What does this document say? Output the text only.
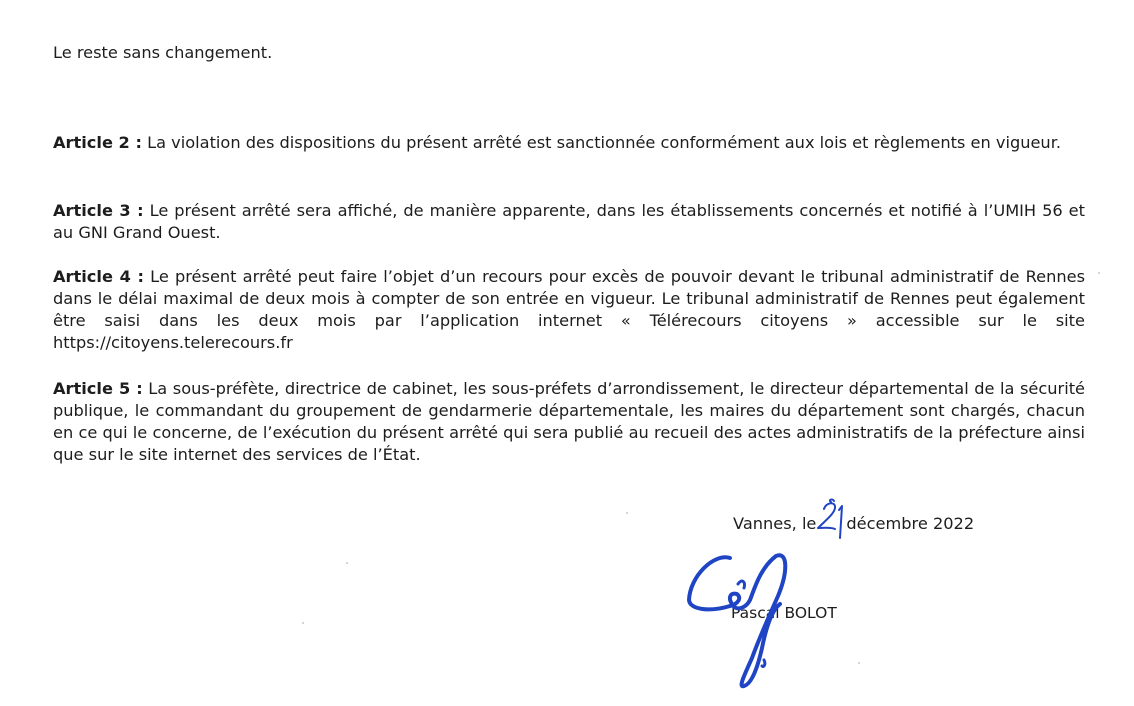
Le reste sans changement.

Article 2 : La violation des dispositions du présent arrêté est sanctionnée conformément aux lois et règlements en vigueur.

Article 3 : Le présent arrêté sera affiché, de manière apparente, dans les établissements concernés et notifié à l’UMIH 56 et au GNI Grand Ouest.

Article 4 : Le présent arrêté peut faire l’objet d’un recours pour excès de pouvoir devant le tribunal administratif de Rennes dans le délai maximal de deux mois à compter de son entrée en vigueur. Le tribunal administratif de Rennes peut également être saisi dans les deux mois par l’application internet « Télérecours citoyens » accessible sur le site https://citoyens.telerecours.fr

Article 5 : La sous-préfète, directrice de cabinet, les sous-préfets d’arrondissement, le directeur départemental de la sécurité publique, le commandant du groupement de gendarmerie départementale, les maires du département sont chargés, chacun en ce qui le concerne, de l’exécution du présent arrêté qui sera publié au recueil des actes administratifs de la préfecture ainsi que sur le site internet des services de l’État.

Vannes, le décembre 2022
Pascal BOLOT
